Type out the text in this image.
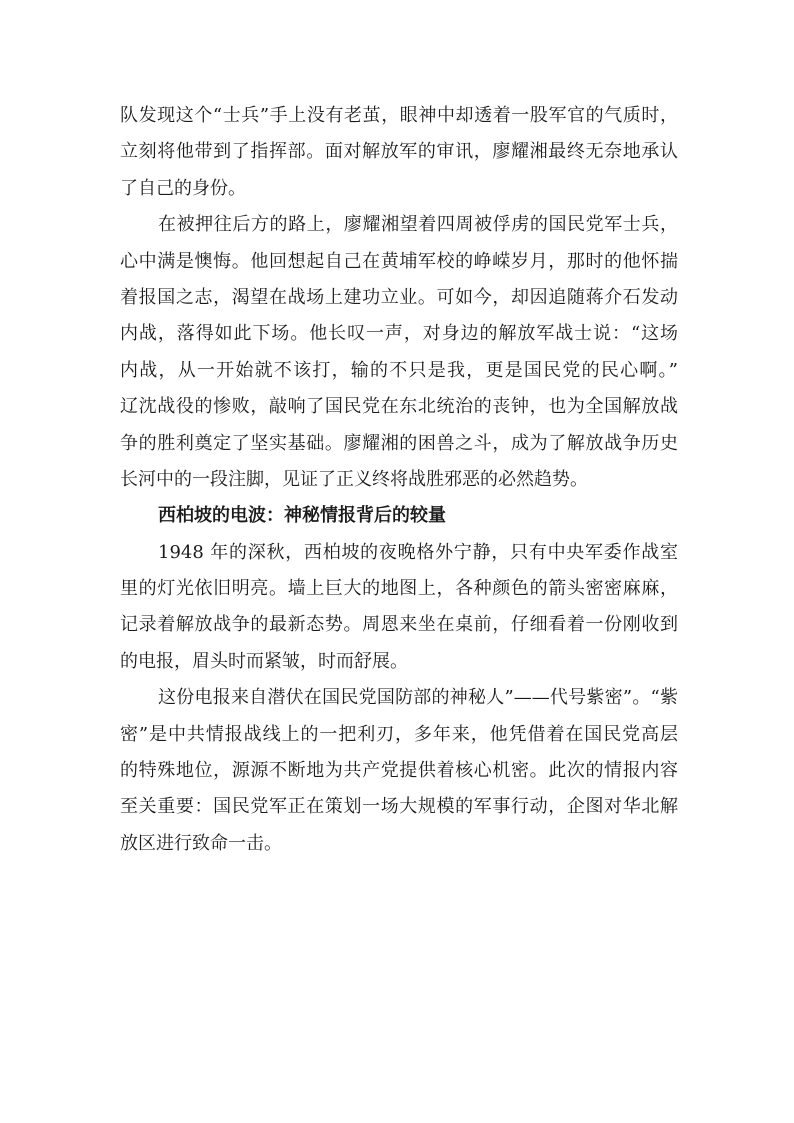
队发现这个“士兵”手上没有老茧，眼神中却透着一股军官的气质时，
立刻将他带到了指挥部。面对解放军的审讯，廖耀湘最终无奈地承认
了自己的身份。
在被押往后方的路上，廖耀湘望着四周被俘虏的国民党军士兵，
心中满是懊悔。他回想起自己在黄埔军校的峥嵘岁月，那时的他怀揣
着报国之志，渴望在战场上建功立业。可如今，却因追随蒋介石发动
内战，落得如此下场。他长叹一声，对身边的解放军战士说：“这场
内战，从一开始就不该打，输的不只是我，更是国民党的民心啊。”
辽沈战役的惨败，敲响了国民党在东北统治的丧钟，也为全国解放战
争的胜利奠定了坚实基础。廖耀湘的困兽之斗，成为了解放战争历史
长河中的一段注脚，见证了正义终将战胜邪恶的必然趋势。
西柏坡的电波：神秘情报背后的较量
1948 年的深秋，西柏坡的夜晚格外宁静，只有中央军委作战室
里的灯光依旧明亮。墙上巨大的地图上，各种颜色的箭头密密麻麻，
记录着解放战争的最新态势。周恩来坐在桌前，仔细看着一份刚收到
的电报，眉头时而紧皱，时而舒展。
这份电报来自潜伏在国民党国防部的神秘人”——代号紫密”。“紫
密”是中共情报战线上的一把利刃，多年来，他凭借着在国民党高层
的特殊地位，源源不断地为共产党提供着核心机密。此次的情报内容
至关重要：国民党军正在策划一场大规模的军事行动，企图对华北解
放区进行致命一击。
